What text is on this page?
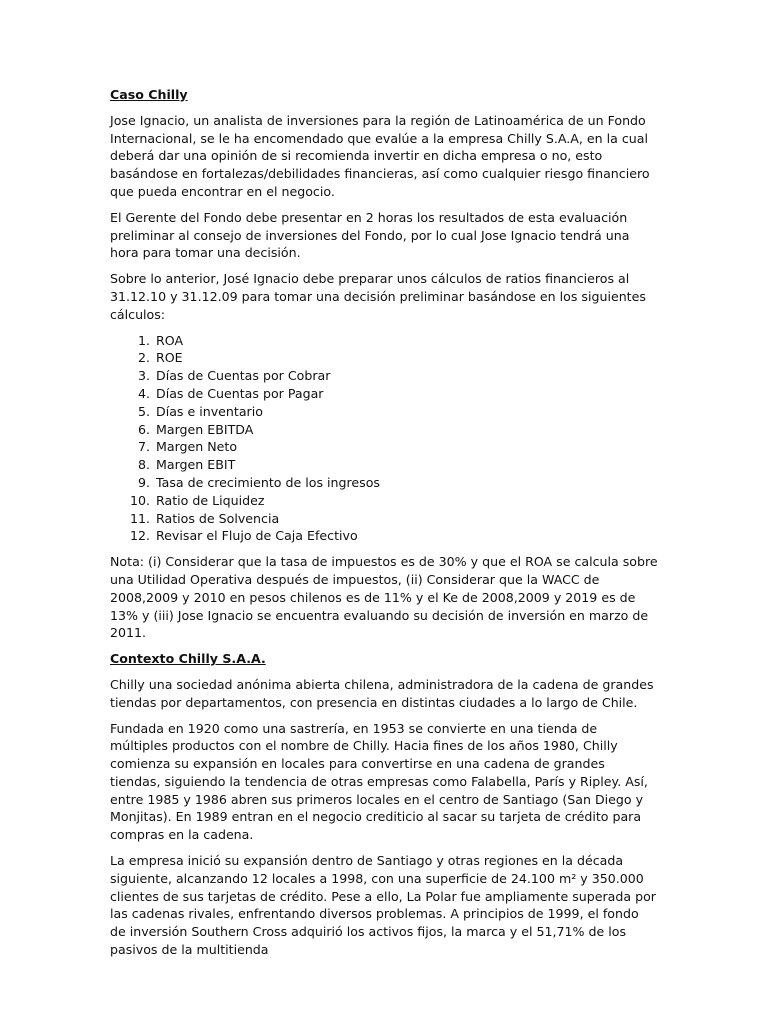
Caso Chilly

Jose Ignacio, un analista de inversiones para la región de Latinoamérica de un Fondo Internacional, se le ha encomendado que evalúe a la empresa Chilly S.A.A, en la cual deberá dar una opinión de si recomienda invertir en dicha empresa o no, esto basándose en fortalezas/debilidades financieras, así como cualquier riesgo financiero que pueda encontrar en el negocio.

El Gerente del Fondo debe presentar en 2 horas los resultados de esta evaluación preliminar al consejo de inversiones del Fondo, por lo cual Jose Ignacio tendrá una hora para tomar una decisión.

Sobre lo anterior, José Ignacio debe preparar unos cálculos de ratios financieros al 31.12.10 y 31.12.09 para tomar una decisión preliminar basándose en los siguientes cálculos:

1. ROA
2. ROE
3. Días de Cuentas por Cobrar
4. Días de Cuentas por Pagar
5. Días e inventario
6. Margen EBITDA
7. Margen Neto
8. Margen EBIT
9. Tasa de crecimiento de los ingresos
10. Ratio de Liquidez
11. Ratios de Solvencia
12. Revisar el Flujo de Caja Efectivo

Nota: (i) Considerar que la tasa de impuestos es de 30% y que el ROA se calcula sobre una Utilidad Operativa después de impuestos, (ii) Considerar que la WACC de 2008,2009 y 2010 en pesos chilenos es de 11% y el Ke de 2008,2009 y 2019 es de 13% y (iii) Jose Ignacio se encuentra evaluando su decisión de inversión en marzo de 2011.

Contexto Chilly S.A.A.

Chilly una sociedad anónima abierta chilena, administradora de la cadena de grandes tiendas por departamentos, con presencia en distintas ciudades a lo largo de Chile.

Fundada en 1920 como una sastrería, en 1953 se convierte en una tienda de múltiples productos con el nombre de Chilly. Hacia fines de los años 1980, Chilly comienza su expansión en locales para convertirse en una cadena de grandes tiendas, siguiendo la tendencia de otras empresas como Falabella, París y Ripley. Así, entre 1985 y 1986 abren sus primeros locales en el centro de Santiago (San Diego y Monjitas). En 1989 entran en el negocio crediticio al sacar su tarjeta de crédito para compras en la cadena.

La empresa inició su expansión dentro de Santiago y otras regiones en la década siguiente, alcanzando 12 locales a 1998, con una superficie de 24.100 m² y 350.000 clientes de sus tarjetas de crédito. Pese a ello, La Polar fue ampliamente superada por las cadenas rivales, enfrentando diversos problemas. A principios de 1999, el fondo de inversión Southern Cross adquirió los activos fijos, la marca y el 51,71% de los pasivos de la multitienda
